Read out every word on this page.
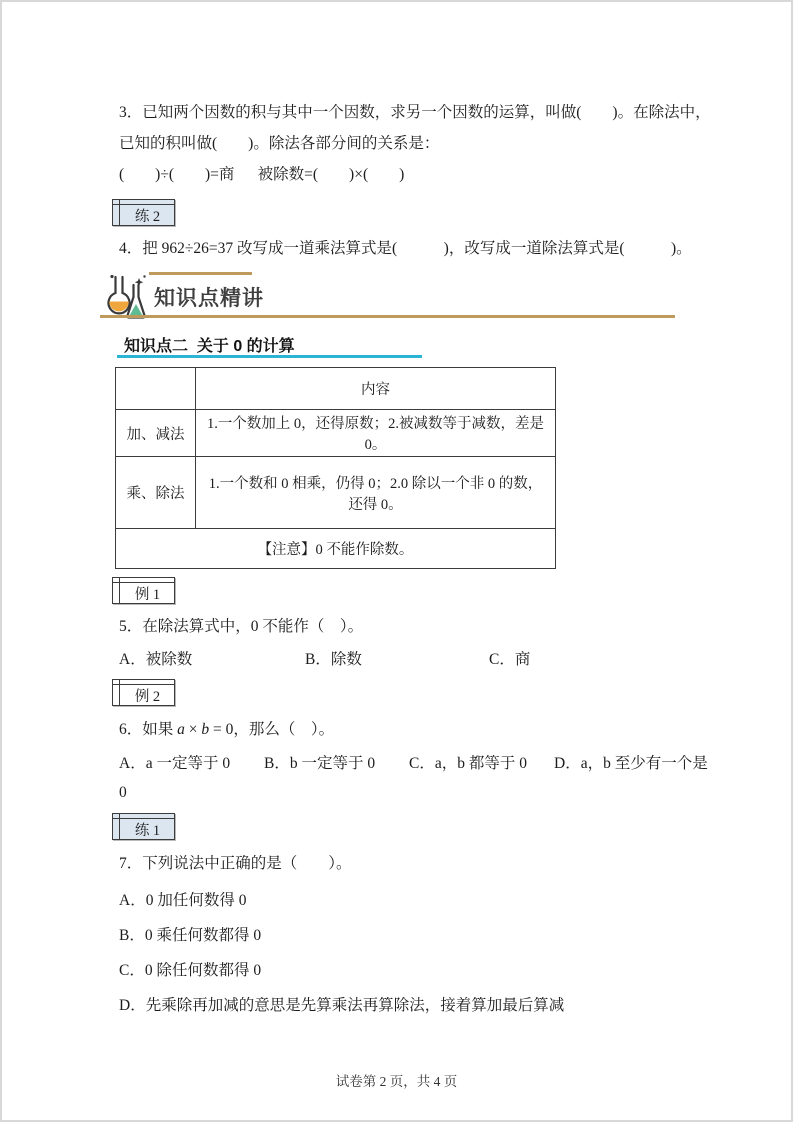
3．已知两个因数的积与其中一个因数，求另一个因数的运算，叫做(        )。在除法中，
已知的积叫做(        )。除法各部分间的关系是：
(        )÷(        )=商      被除数=(        )×(        )
练 2
4．把 962÷26=37 改写成一道乘法算式是(            )，改写成一道除法算式是(            )。
知识点精讲
知识点二  关于 0 的计算
	内容
加、减法	1.一个数加上 0，还得原数；2.被减数等于减数，差是 0。
乘、除法	1.一个数和 0 相乘，仍得 0；2.0 除以一个非 0 的数，还得 0。
【注意】0 不能作除数。	
例 1
5．在除法算式中，0 不能作（　）。
A．被除数	B．除数	C．商
例 2
6．如果 a × b = 0，那么（　）。
A．a 一定等于 0 B．b 一定等于 0 C．a，b 都等于 0 D．a，b 至少有一个是
0
练 1
7．下列说法中正确的是（　　）。
A．0 加任何数得 0
B．0 乘任何数都得 0
C．0 除任何数都得 0
D．先乘除再加减的意思是先算乘法再算除法，接着算加最后算减
试卷第 2 页，共 4 页
